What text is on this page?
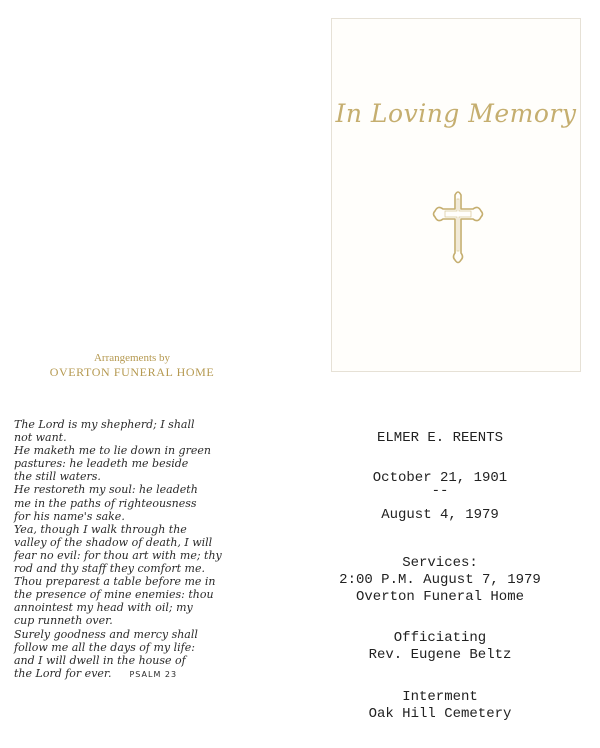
In Loving Memory
Arrangements by
OVERTON FUNERAL HOME
The Lord is my shepherd; I shall
not want.
He maketh me to lie down in green
pastures: he leadeth me beside
the still waters.
He restoreth my soul: he leadeth
me in the paths of righteousness
for his name's sake.
Yea, though I walk through the
valley of the shadow of death, I will
fear no evil: for thou art with me; thy
rod and thy staff they comfort me.
Thou preparest a table before me in
the presence of mine enemies: thou
annointest my head with oil; my
cup runneth over.
Surely goodness and mercy shall
follow me all the days of my life:
and I will dwell in the house of
the Lord for ever. PSALM 23
ELMER E. REENTS
October 21, 1901
--
August 4, 1979
Services:
2:00 P.M. August 7, 1979
Overton Funeral Home
Officiating
Rev. Eugene Beltz
Interment
Oak Hill Cemetery
